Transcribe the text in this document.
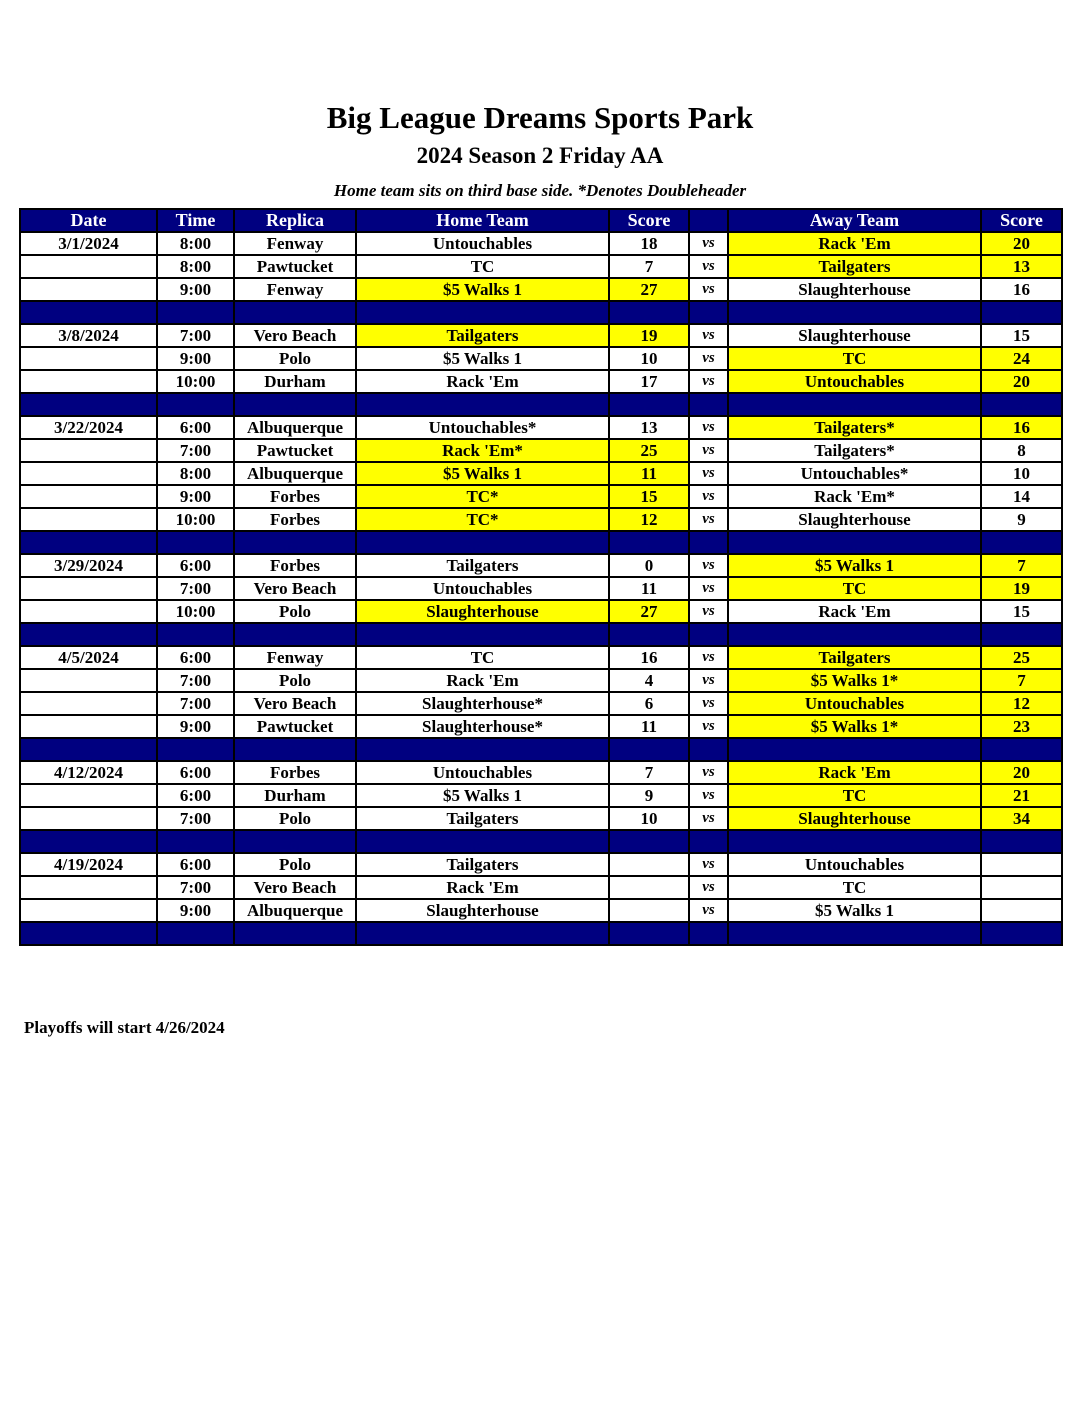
Big League Dreams Sports Park
2024 Season 2 Friday AA
Home team sits on third base side. *Denotes Doubleheader
Date	Time	Replica	Home Team	Score		Away Team	Score
3/1/2024	8:00	Fenway	Untouchables	18	vs	Rack 'Em	20
	8:00	Pawtucket	TC	7	vs	Tailgaters	13
	9:00	Fenway	$5 Walks 1	27	vs	Slaughterhouse	16

3/8/2024	7:00	Vero Beach	Tailgaters	19	vs	Slaughterhouse	15
	9:00	Polo	$5 Walks 1	10	vs	TC	24
	10:00	Durham	Rack 'Em	17	vs	Untouchables	20

3/22/2024	6:00	Albuquerque	Untouchables*	13	vs	Tailgaters*	16
	7:00	Pawtucket	Rack 'Em*	25	vs	Tailgaters*	8
	8:00	Albuquerque	$5 Walks 1	11	vs	Untouchables*	10
	9:00	Forbes	TC*	15	vs	Rack 'Em*	14
	10:00	Forbes	TC*	12	vs	Slaughterhouse	9

3/29/2024	6:00	Forbes	Tailgaters	0	vs	$5 Walks 1	7
	7:00	Vero Beach	Untouchables	11	vs	TC	19
	10:00	Polo	Slaughterhouse	27	vs	Rack 'Em	15

4/5/2024	6:00	Fenway	TC	16	vs	Tailgaters	25
	7:00	Polo	Rack 'Em	4	vs	$5 Walks 1*	7
	7:00	Vero Beach	Slaughterhouse*	6	vs	Untouchables	12
	9:00	Pawtucket	Slaughterhouse*	11	vs	$5 Walks 1*	23

4/12/2024	6:00	Forbes	Untouchables	7	vs	Rack 'Em	20
	6:00	Durham	$5 Walks 1	9	vs	TC	21
	7:00	Polo	Tailgaters	10	vs	Slaughterhouse	34

4/19/2024	6:00	Polo	Tailgaters		vs	Untouchables	
	7:00	Vero Beach	Rack 'Em		vs	TC	
	9:00	Albuquerque	Slaughterhouse		vs	$5 Walks 1	

Playoffs will start 4/26/2024
